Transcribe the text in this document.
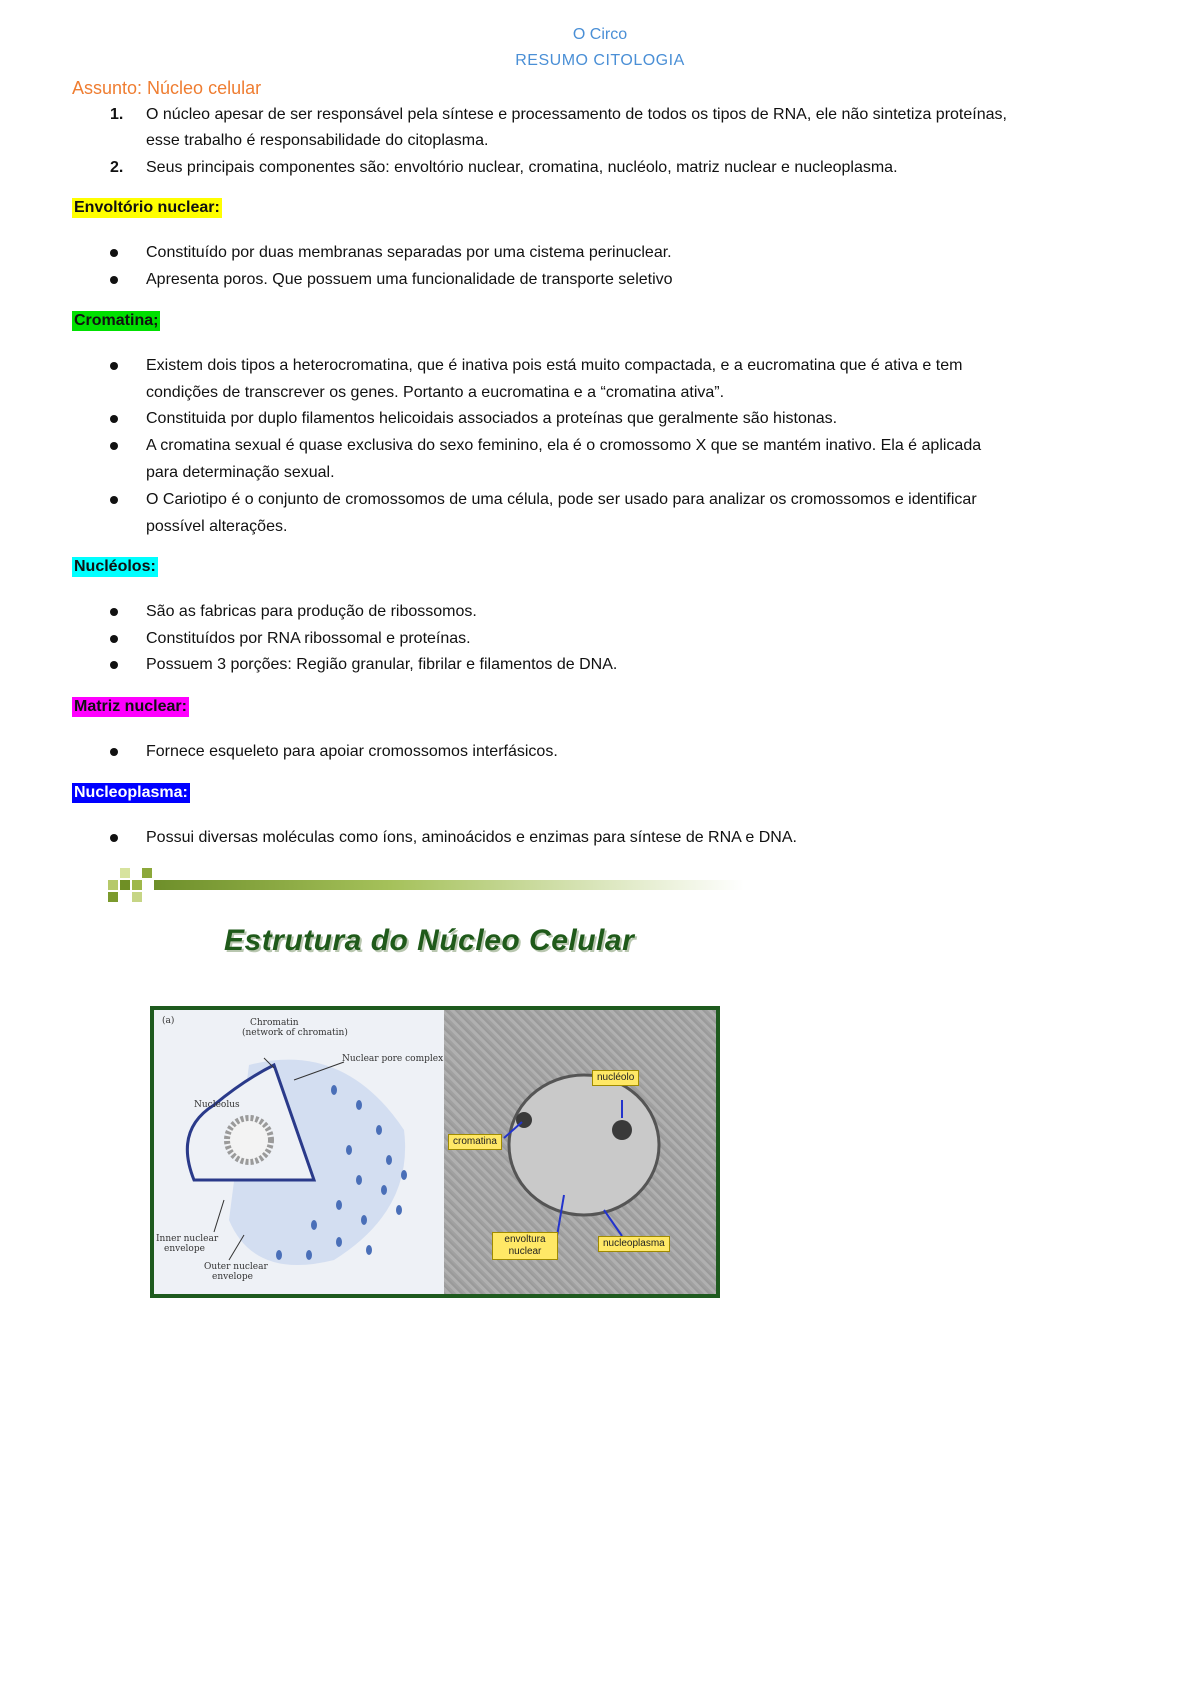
O Circo
RESUMO CITOLOGIA
Assunto: Núcleo celular
1. O núcleo apesar de ser responsável pela síntese e processamento de todos os tipos de RNA, ele não sintetiza proteínas,
esse trabalho é responsabilidade do citoplasma.
2. Seus principais componentes são: envoltório nuclear, cromatina, nucléolo, matriz nuclear e nucleoplasma.
Envoltório nuclear:
Constituído por duas membranas separadas por uma cistema perinuclear.
Apresenta poros. Que possuem uma funcionalidade de transporte seletivo
Cromatina;
Existem dois tipos a heterocromatina, que é inativa pois está muito compactada, e a eucromatina que é ativa e tem
condições de transcrever os genes. Portanto a eucromatina e a “cromatina ativa”.
Constituida por duplo filamentos helicoidais associados a proteínas que geralmente são histonas.
A cromatina sexual é quase exclusiva do sexo feminino, ela é o cromossomo X que se mantém inativo. Ela é aplicada
para determinação sexual.
O Cariotipo é o conjunto de cromossomos de uma célula, pode ser usado para analizar os cromossomos e identificar
possível alterações.
Nucléolos:
São as fabricas para produção de ribossomos.
Constituídos por RNA ribossomal e proteínas.
Possuem 3 porções: Região granular, fibrilar e filamentos de DNA.
Matriz nuclear:
Fornece esqueleto para apoiar cromossomos interfásicos.
Nucleoplasma:
Possui diversas moléculas como íons, aminoácidos e enzimas para síntese de RNA e DNA.
Estrutura do Núcleo Celular
(a)	Chromatin
(network of chromatin)
Nuclear pore complex
Nucleolus
Inner nuclear
envelope
Outer nuclear
envelope
nucléolo
cromatina
envoltura
nuclear
nucleoplasma
